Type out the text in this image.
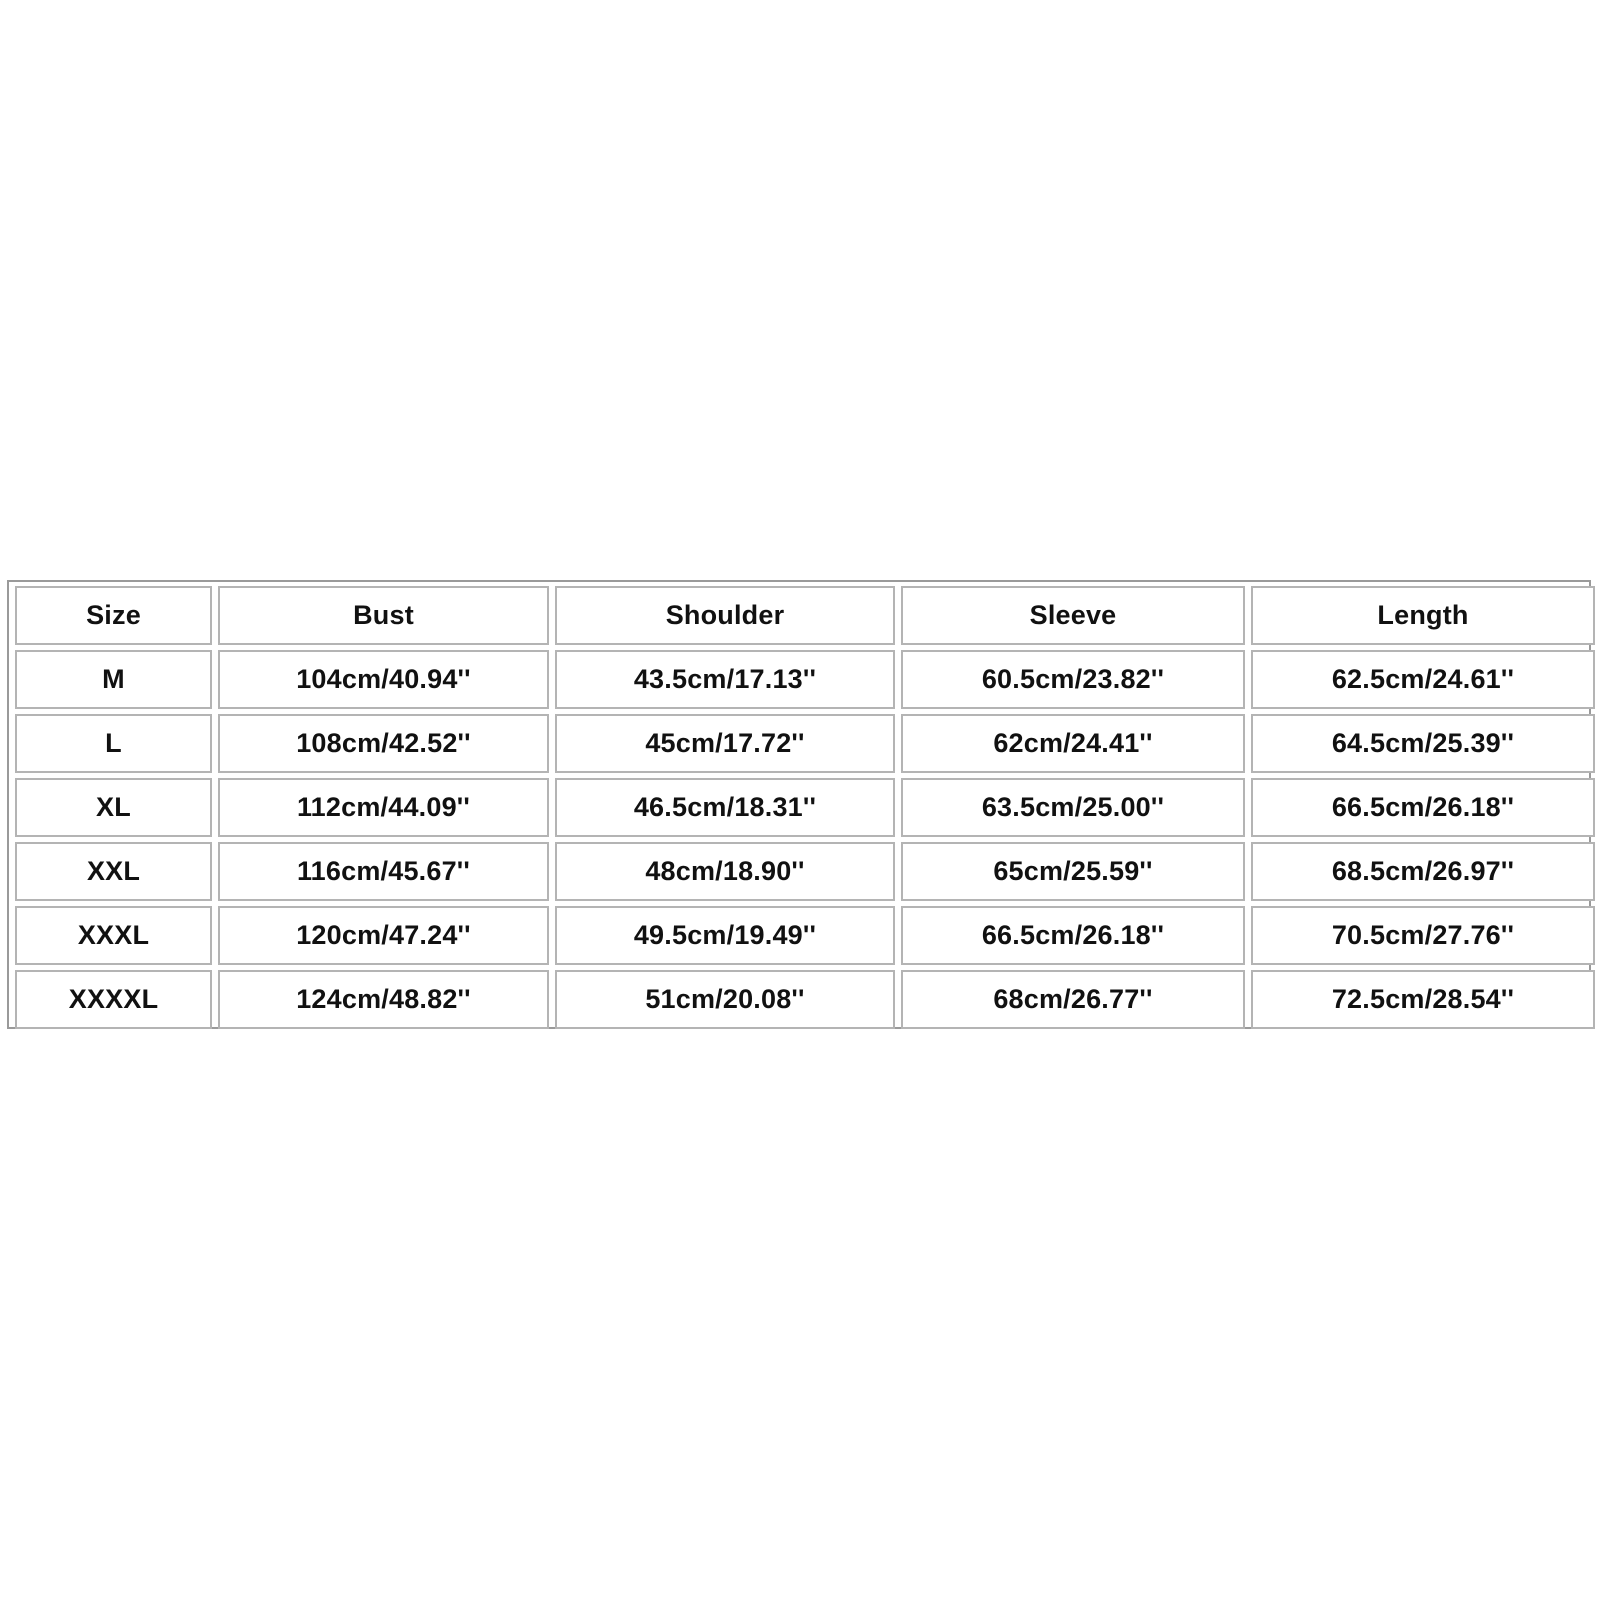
Size	Bust	Shoulder	Sleeve	Length
M	104cm/40.94''	43.5cm/17.13''	60.5cm/23.82''	62.5cm/24.61''
L	108cm/42.52''	45cm/17.72''	62cm/24.41''	64.5cm/25.39''
XL	112cm/44.09''	46.5cm/18.31''	63.5cm/25.00''	66.5cm/26.18''
XXL	116cm/45.67''	48cm/18.90''	65cm/25.59''	68.5cm/26.97''
XXXL	120cm/47.24''	49.5cm/19.49''	66.5cm/26.18''	70.5cm/27.76''
XXXXL	124cm/48.82''	51cm/20.08''	68cm/26.77''	72.5cm/28.54''
